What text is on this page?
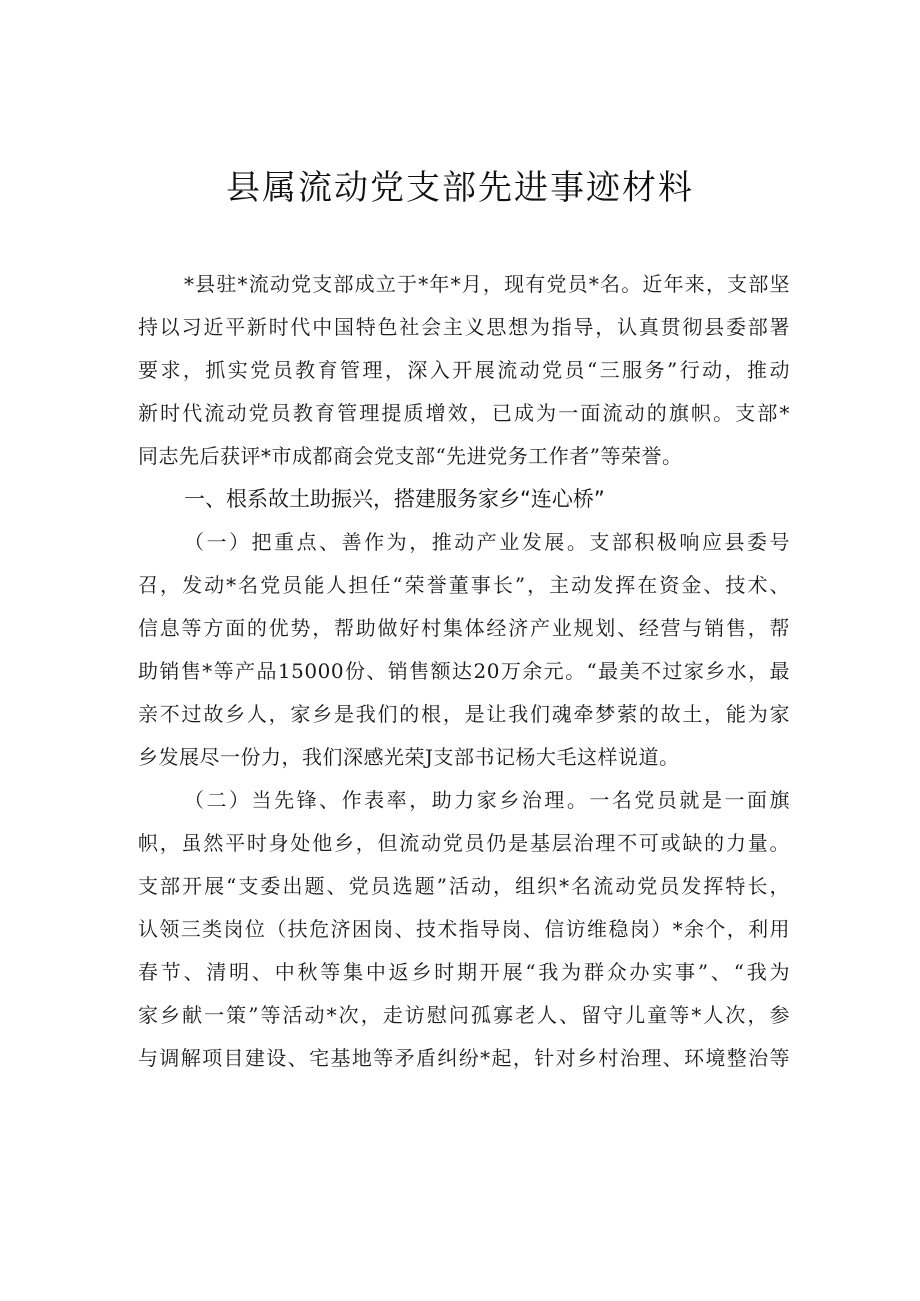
县属流动党支部先进事迹材料
*县驻*流动党支部成立于*年*月，现有党员*名。近年来，支部坚
持以习近平新时代中国特色社会主义思想为指导，认真贯彻县委部署
要求，抓实党员教育管理，深入开展流动党员“三服务”行动，推动
新时代流动党员教育管理提质增效，已成为一面流动的旗帜。支部*
同志先后获评*市成都商会党支部“先进党务工作者”等荣誉。
一、根系故土助振兴，搭建服务家乡“连心桥”
（一）把重点、善作为，推动产业发展。支部积极响应县委号
召，发动*名党员能人担任“荣誉董事长”，主动发挥在资金、技术、
信息等方面的优势，帮助做好村集体经济产业规划、经营与销售，帮
助销售*等产品15000份、销售额达20万余元。“最美不过家乡水，最
亲不过故乡人，家乡是我们的根，是让我们魂牵梦萦的故土，能为家
乡发展尽一份力，我们深感光荣J支部书记杨大毛这样说道。
（二）当先锋、作表率，助力家乡治理。一名党员就是一面旗
帜，虽然平时身处他乡，但流动党员仍是基层治理不可或缺的力量。
支部开展“支委出题、党员选题”活动，组织*名流动党员发挥特长，
认领三类岗位（扶危济困岗、技术指导岗、信访维稳岗）*余个，利用
春节、清明、中秋等集中返乡时期开展“我为群众办实事”、“我为
家乡献一策”等活动*次，走访慰问孤寡老人、留守儿童等*人次，参
与调解项目建设、宅基地等矛盾纠纷*起，针对乡村治理、环境整治等
